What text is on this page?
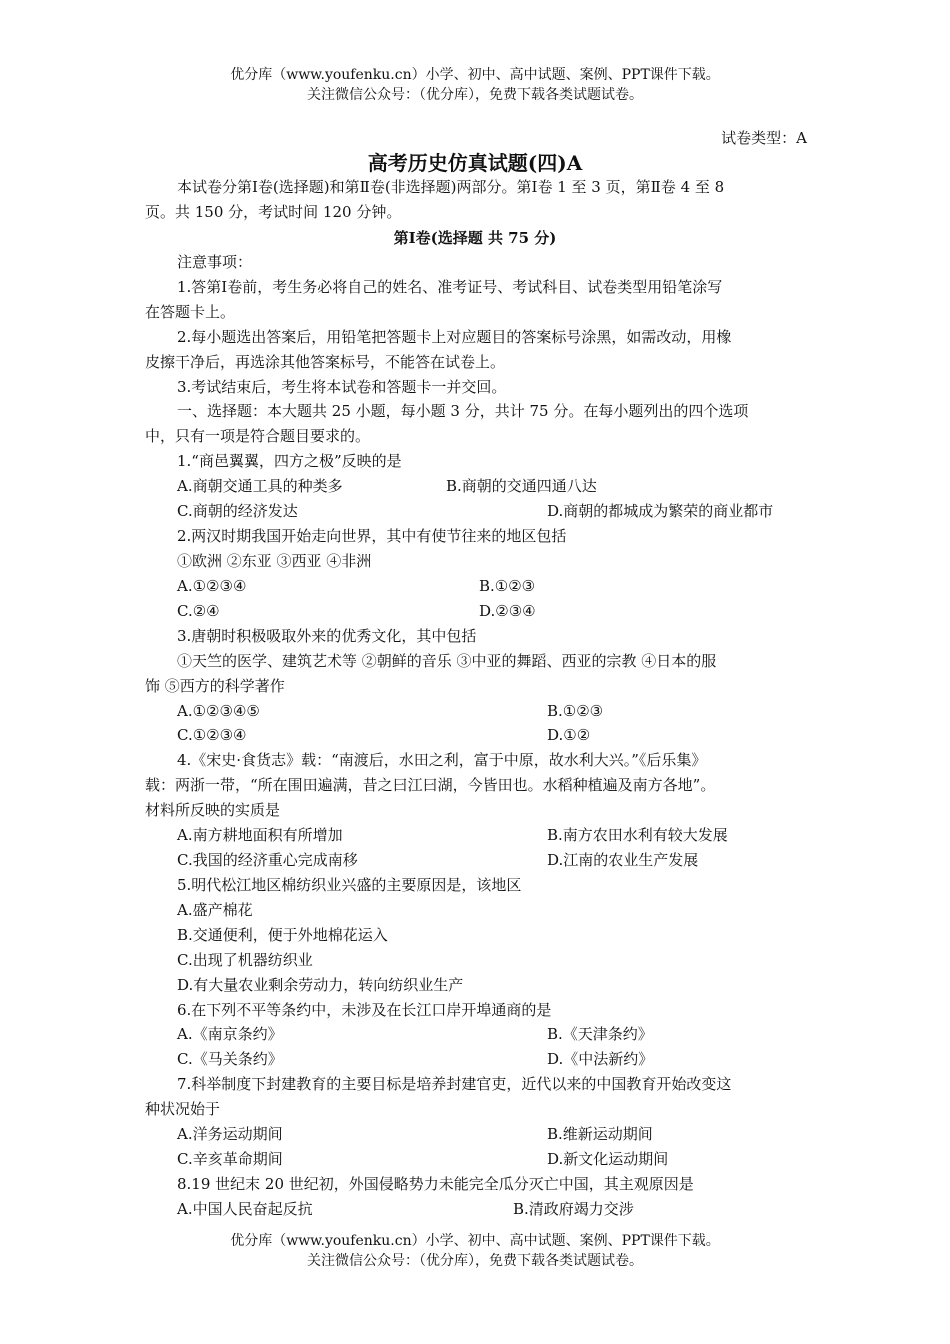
优分库（www.youfenku.cn）小学、初中、高中试题、案例、PPT课件下载。
关注微信公众号：（优分库），免费下载各类试题试卷。
试卷类型：A
高考历史仿真试题(四)A
本试卷分第Ⅰ卷(选择题)和第Ⅱ卷(非选择题)两部分。第Ⅰ卷 1 至 3 页，第Ⅱ卷 4 至 8
页。共 150 分，考试时间 120 分钟。
第Ⅰ卷(选择题 共 75 分)
注意事项：
1.答第Ⅰ卷前，考生务必将自己的姓名、准考证号、考试科目、试卷类型用铅笔涂写
在答题卡上。
2.每小题选出答案后，用铅笔把答题卡上对应题目的答案标号涂黑，如需改动，用橡
皮擦干净后，再选涂其他答案标号，不能答在试卷上。
3.考试结束后，考生将本试卷和答题卡一并交回。
一、选择题：本大题共 25 小题，每小题 3 分，共计 75 分。在每小题列出的四个选项
中，只有一项是符合题目要求的。
1.“商邑翼翼，四方之极”反映的是
A.商朝交通工具的种类多	B.商朝的交通四通八达
C.商朝的经济发达	D.商朝的都城成为繁荣的商业都市
2.两汉时期我国开始走向世界，其中有使节往来的地区包括
①欧洲 ②东亚 ③西亚 ④非洲
A.①②③④	B.①②③
C.②④	D.②③④
3.唐朝时积极吸取外来的优秀文化，其中包括
①天竺的医学、建筑艺术等 ②朝鲜的音乐 ③中亚的舞蹈、西亚的宗教 ④日本的服
饰 ⑤西方的科学著作
A.①②③④⑤	B.①②③
C.①②③④	D.①②
4.《宋史·食货志》载：“南渡后，水田之利，富于中原，故水利大兴。”《后乐集》
载：两浙一带，“所在围田遍满，昔之曰江曰湖，今皆田也。水稻种植遍及南方各地”。
材料所反映的实质是
A.南方耕地面积有所增加	B.南方农田水利有较大发展
C.我国的经济重心完成南移	D.江南的农业生产发展
5.明代松江地区棉纺织业兴盛的主要原因是，该地区
A.盛产棉花
B.交通便利，便于外地棉花运入
C.出现了机器纺织业
D.有大量农业剩余劳动力，转向纺织业生产
6.在下列不平等条约中，未涉及在长江口岸开埠通商的是
A.《南京条约》	B.《天津条约》
C.《马关条约》	D.《中法新约》
7.科举制度下封建教育的主要目标是培养封建官吏，近代以来的中国教育开始改变这
种状况始于
A.洋务运动期间	B.维新运动期间
C.辛亥革命期间	D.新文化运动期间
8.19 世纪末 20 世纪初，外国侵略势力未能完全瓜分灭亡中国，其主观原因是
A.中国人民奋起反抗	B.清政府竭力交涉
优分库（www.youfenku.cn）小学、初中、高中试题、案例、PPT课件下载。
关注微信公众号：（优分库），免费下载各类试题试卷。
